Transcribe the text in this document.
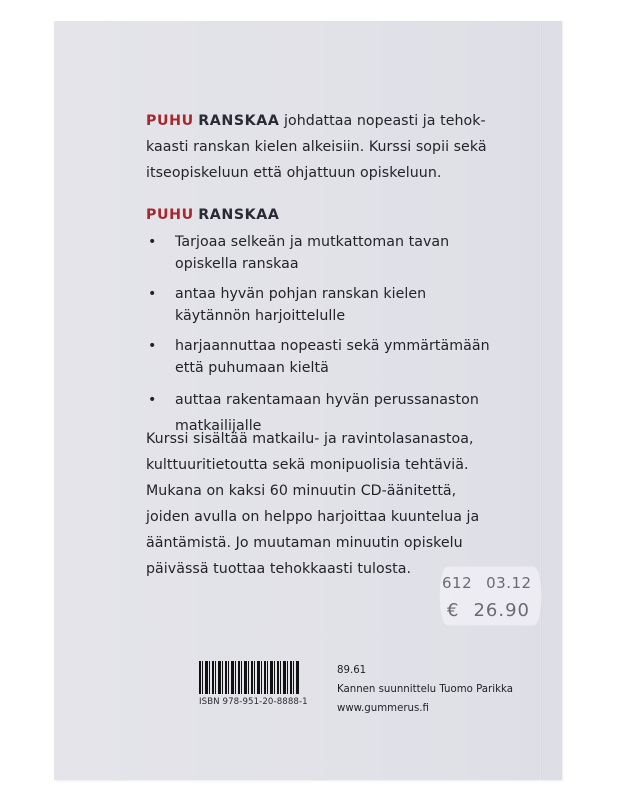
PUHU RANSKAA johdattaa nopeasti ja tehok-
kaasti ranskan kielen alkeisiin. Kurssi sopii sekä
itseopiskeluun että ohjattuun opiskeluun.

PUHU RANSKAA

• Tarjoaa selkeän ja mutkattoman tavan
opiskella ranskaa
• antaa hyvän pohjan ranskan kielen
käytännön harjoittelulle
• harjaannuttaa nopeasti sekä ymmärtämään
että puhumaan kieltä
• auttaa rakentamaan hyvän perussanaston
matkailijalle

Kurssi sisältää matkailu- ja ravintolasanastoa,
kulttuuritietoutta sekä monipuolisia tehtäviä.
Mukana on kaksi 60 minuutin CD-äänitettä,
joiden avulla on helppo harjoittaa kuuntelua ja
ääntämistä. Jo muutaman minuutin opiskelu
päivässä tuottaa tehokkaasti tulosta.

612 03.12
€ 26.90
ISBN 978-951-20-8888-1
89.61
Kannen suunnittelu Tuomo Parikka
www.gummerus.fi
